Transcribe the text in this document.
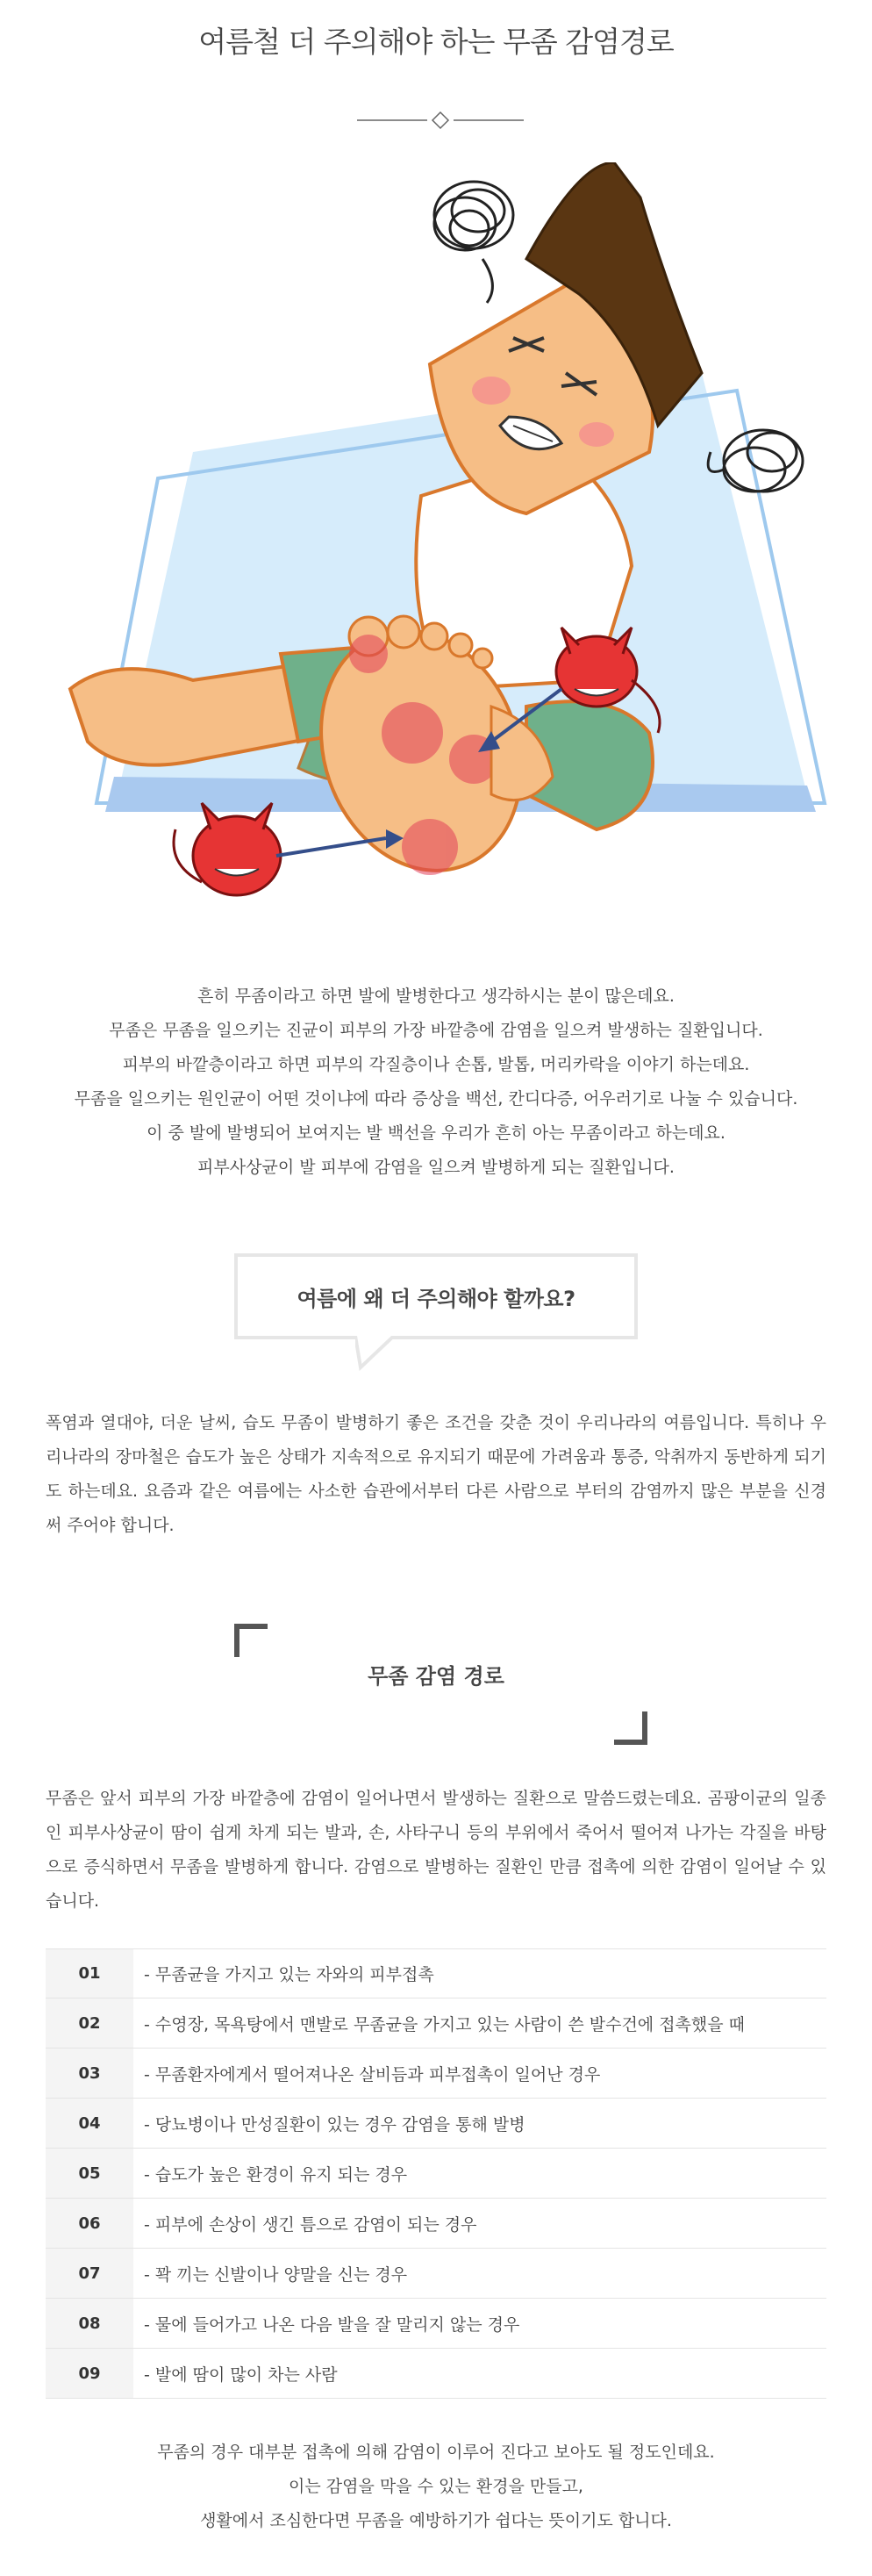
여름철 더 주의해야 하는 무좀 감염경로
흔히 무좀이라고 하면 발에 발병한다고 생각하시는 분이 많은데요.
무좀은 무좀을 일으키는 진균이 피부의 가장 바깥층에 감염을 일으켜 발생하는 질환입니다.
피부의 바깥층이라고 하면 피부의 각질층이나 손톱, 발톱, 머리카락을 이야기 하는데요.
무좀을 일으키는 원인균이 어떤 것이냐에 따라 증상을 백선, 칸디다증, 어우러기로 나눌 수 있습니다.
이 중 발에 발병되어 보여지는 발 백선을 우리가 흔히 아는 무좀이라고 하는데요.
피부사상균이 발 피부에 감염을 일으켜 발병하게 되는 질환입니다.
여름에 왜 더 주의해야 할까요?
폭염과 열대야, 더운 날씨, 습도 무좀이 발병하기 좋은 조건을 갖춘 것이 우리나라의 여름입니다. 특히나 우리나라의 장마철은 습도가 높은 상태가 지속적으로 유지되기 때문에 가려움과 통증, 악취까지 동반하게 되기도 하는데요. 요즘과 같은 여름에는 사소한 습관에서부터 다른 사람으로 부터의 감염까지 많은 부분을 신경 써 주어야 합니다.
무좀 감염 경로
무좀은 앞서 피부의 가장 바깥층에 감염이 일어나면서 발생하는 질환으로 말씀드렸는데요. 곰팡이균의 일종인 피부사상균이 땀이 쉽게 차게 되는 발과, 손, 사타구니 등의 부위에서 죽어서 떨어져 나가는 각질을 바탕으로 증식하면서 무좀을 발병하게 합니다. 감염으로 발병하는 질환인 만큼 접촉에 의한 감염이 일어날 수 있습니다.
01	- 무좀균을 가지고 있는 자와의 피부접촉
02	- 수영장, 목욕탕에서 맨발로 무좀균을 가지고 있는 사람이 쓴 발수건에 접촉했을 때
03	- 무좀환자에게서 떨어져나온 살비듬과 피부접촉이 일어난 경우
04	- 당뇨병이나 만성질환이 있는 경우 감염을 통해 발병
05	- 습도가 높은 환경이 유지 되는 경우
06	- 피부에 손상이 생긴 틈으로 감염이 되는 경우
07	- 꽉 끼는 신발이나 양말을 신는 경우
08	- 물에 들어가고 나온 다음 발을 잘 말리지 않는 경우
09	- 발에 땀이 많이 차는 사람
무좀의 경우 대부분 접촉에 의해 감염이 이루어 진다고 보아도 될 정도인데요.
이는 감염을 막을 수 있는 환경을 만들고,
생활에서 조심한다면 무좀을 예방하기가 쉽다는 뜻이기도 합니다.
